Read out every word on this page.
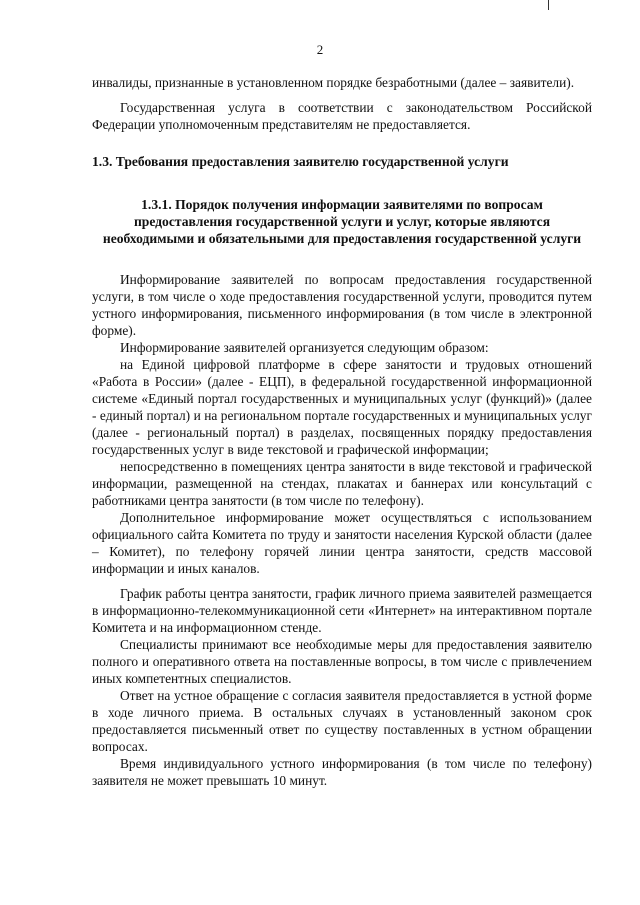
2

инвалиды, признанные в установленном порядке безработными (далее – заявители).

Государственная услуга в соответствии с законодательством Российской Федерации уполномоченным представителям не предоставляется.

1.3. Требования предоставления заявителю государственной услуги

1.3.1. Порядок получения информации заявителями по вопросам предоставления государственной услуги и услуг, которые являются необходимыми и обязательными для предоставления государственной услуги

Информирование заявителей по вопросам предоставления государственной услуги, в том числе о ходе предоставления государственной услуги, проводится путем устного информирования, письменного информирования (в том числе в электронной форме).

Информирование заявителей организуется следующим образом:

на Единой цифровой платформе в сфере занятости и трудовых отношений «Работа в России» (далее - ЕЦП), в федеральной государственной информационной системе «Единый портал государственных и муниципальных услуг (функций)» (далее - единый портал) и на региональном портале государственных и муниципальных услуг (далее - региональный портал) в разделах, посвященных порядку предоставления государственных услуг в виде текстовой и графической информации;

непосредственно в помещениях центра занятости в виде текстовой и графической информации, размещенной на стендах, плакатах и баннерах или консультаций с работниками центра занятости (в том числе по телефону).

Дополнительное информирование может осуществляться с использованием официального сайта Комитета по труду и занятости населения Курской области (далее – Комитет), по телефону горячей линии центра занятости, средств массовой информации и иных каналов.

График работы центра занятости, график личного приема заявителей размещается в информационно-телекоммуникационной сети «Интернет» на интерактивном портале Комитета и на информационном стенде.

Специалисты принимают все необходимые меры для предоставления заявителю полного и оперативного ответа на поставленные вопросы, в том числе с привлечением иных компетентных специалистов.

Ответ на устное обращение с согласия заявителя предоставляется в устной форме в ходе личного приема. В остальных случаях в установленный законом срок предоставляется письменный ответ по существу поставленных в устном обращении вопросах.

Время индивидуального устного информирования (в том числе по телефону) заявителя не может превышать 10 минут.
